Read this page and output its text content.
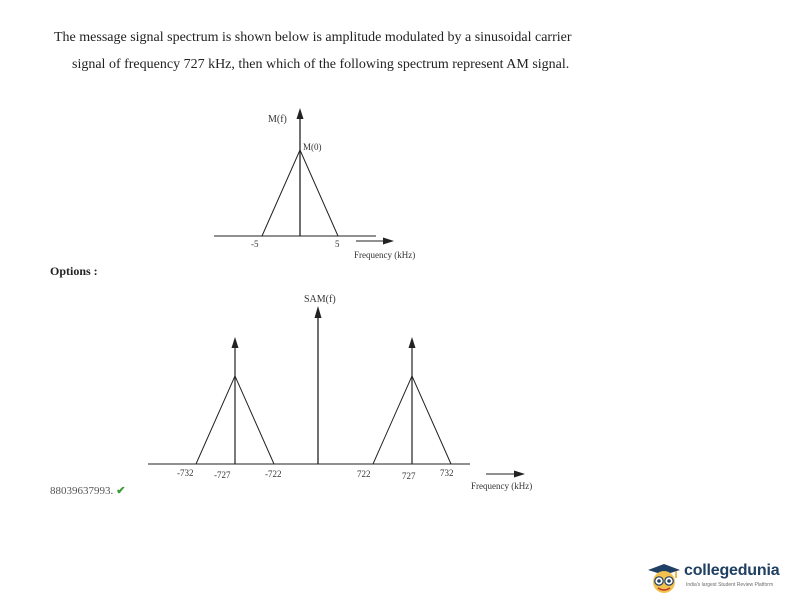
The message signal spectrum is shown below is amplitude modulated by a sinusoidal carrier
signal of frequency 727 kHz, then which of the following spectrum represent AM signal.
M(f)
M(0)
-5	5
Frequency (kHz)
SAM(f)
-732 -727	-722	722	727	732
Frequency (kHz)
Options :
88039637993. ✔
collegedunia
India's largest Student Review Platform
